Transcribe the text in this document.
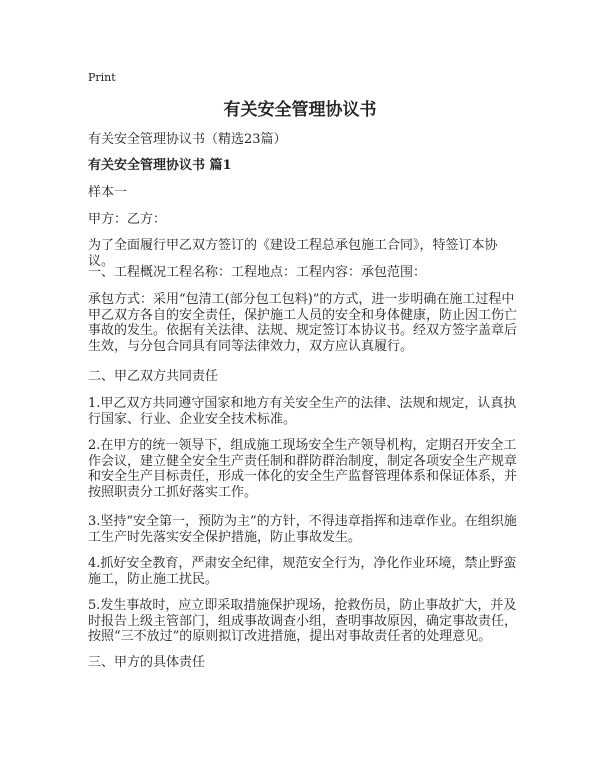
Print
有关安全管理协议书

有关安全管理协议书（精选23篇）

有关安全管理协议书 篇1

样本一

甲方：乙方：

为了全面履行甲乙双方签订的《建设工程总承包施工合同》，特签订本协议。

一、工程概况工程名称：工程地点：工程内容：承包范围：

承包方式：采用“包清工(部分包工包料)”的方式，进一步明确在施工过程中甲乙双方各自的安全责任，保护施工人员的安全和身体健康，防止因工伤亡事故的发生。依据有关法律、法规、规定签订本协议书。经双方签字盖章后生效，与分包合同具有同等法律效力，双方应认真履行。

二、甲乙双方共同责任

1.甲乙双方共同遵守国家和地方有关安全生产的法律、法规和规定，认真执行国家、行业、企业安全技术标准。

2.在甲方的统一领导下，组成施工现场安全生产领导机构，定期召开安全工作会议，建立健全安全生产责任制和群防群治制度，制定各项安全生产规章和安全生产目标责任，形成一体化的安全生产监督管理体系和保证体系，并按照职责分工抓好落实工作。

3.坚持“安全第一，预防为主”的方针，不得违章指挥和违章作业。在组织施工生产时先落实安全保护措施，防止事故发生。

4.抓好安全教育，严肃安全纪律，规范安全行为，净化作业环境，禁止野蛮施工，防止施工扰民。

5.发生事故时，应立即采取措施保护现场，抢救伤员，防止事故扩大，并及时报告上级主管部门，组成事故调查小组，查明事故原因，确定事故责任，按照“三不放过”的原则拟订改进措施，提出对事故责任者的处理意见。

三、甲方的具体责任
